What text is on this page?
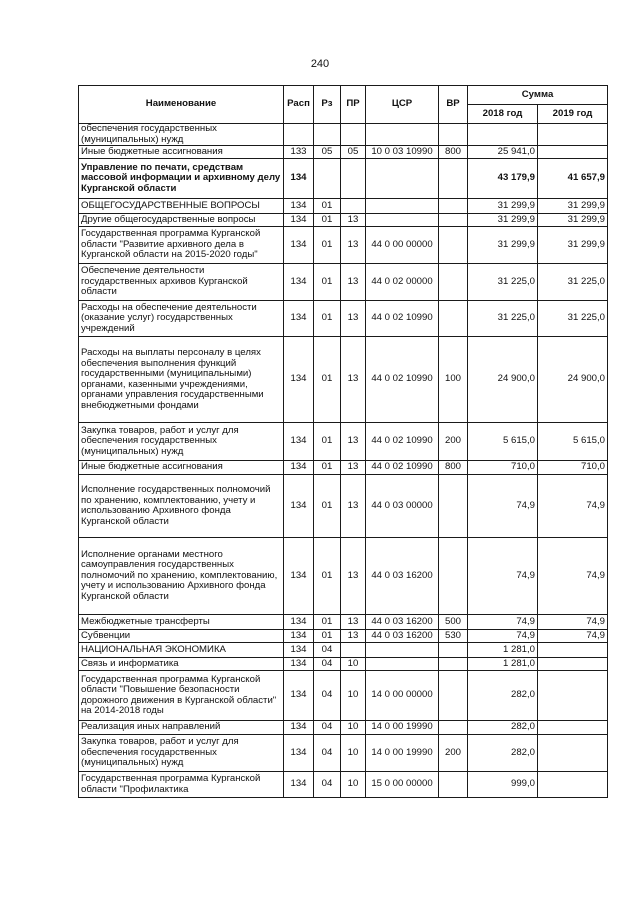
240
Наименование	Расп	Рз	ПР	ЦСР	ВР	Сумма	
						2018 год	2019 год
обеспечения государственных (муниципальных) нужд							
Иные бюджетные ассигнования	133	05	05	10 0 03 10990	800	25 941,0	
Управление по печати, средствам массовой информации и архивному делу Курганской области	134					43 179,9	41 657,9
ОБЩЕГОСУДАРСТВЕННЫЕ ВОПРОСЫ	134	01				31 299,9	31 299,9
Другие общегосударственные вопросы	134	01	13			31 299,9	31 299,9
Государственная программа Курганской области "Развитие архивного дела в Курганской области на 2015-2020 годы"	134	01	13	44 0 00 00000		31 299,9	31 299,9
Обеспечение деятельности государственных архивов Курганской области	134	01	13	44 0 02 00000		31 225,0	31 225,0
Расходы на обеспечение деятельности (оказание услуг) государственных учреждений	134	01	13	44 0 02 10990		31 225,0	31 225,0
Расходы на выплаты персоналу в целях обеспечения выполнения функций государственными (муниципальными) органами, казенными учреждениями, органами управления государственными внебюджетными фондами	134	01	13	44 0 02 10990	100	24 900,0	24 900,0
Закупка товаров, работ и услуг для обеспечения государственных (муниципальных) нужд	134	01	13	44 0 02 10990	200	5 615,0	5 615,0
Иные бюджетные ассигнования	134	01	13	44 0 02 10990	800	710,0	710,0
Исполнение государственных полномочий по хранению, комплектованию, учету и использованию Архивного фонда Курганской области	134	01	13	44 0 03 00000		74,9	74,9
Исполнение органами местного самоуправления государственных полномочий по хранению, комплектованию, учету и использованию Архивного фонда Курганской области	134	01	13	44 0 03 16200		74,9	74,9
Межбюджетные трансферты	134	01	13	44 0 03 16200	500	74,9	74,9
Субвенции	134	01	13	44 0 03 16200	530	74,9	74,9
НАЦИОНАЛЬНАЯ ЭКОНОМИКА	134	04				1 281,0	
Связь и информатика	134	04	10			1 281,0	
Государственная программа Курганской области "Повышение безопасности дорожного движения в Курганской области" на 2014-2018 годы	134	04	10	14 0 00 00000		282,0	
Реализация иных направлений	134	04	10	14 0 00 19990		282,0	
Закупка товаров, работ и услуг для обеспечения государственных (муниципальных) нужд	134	04	10	14 0 00 19990	200	282,0	
Государственная программа Курганской области "Профилактика	134	04	10	15 0 00 00000		999,0	
